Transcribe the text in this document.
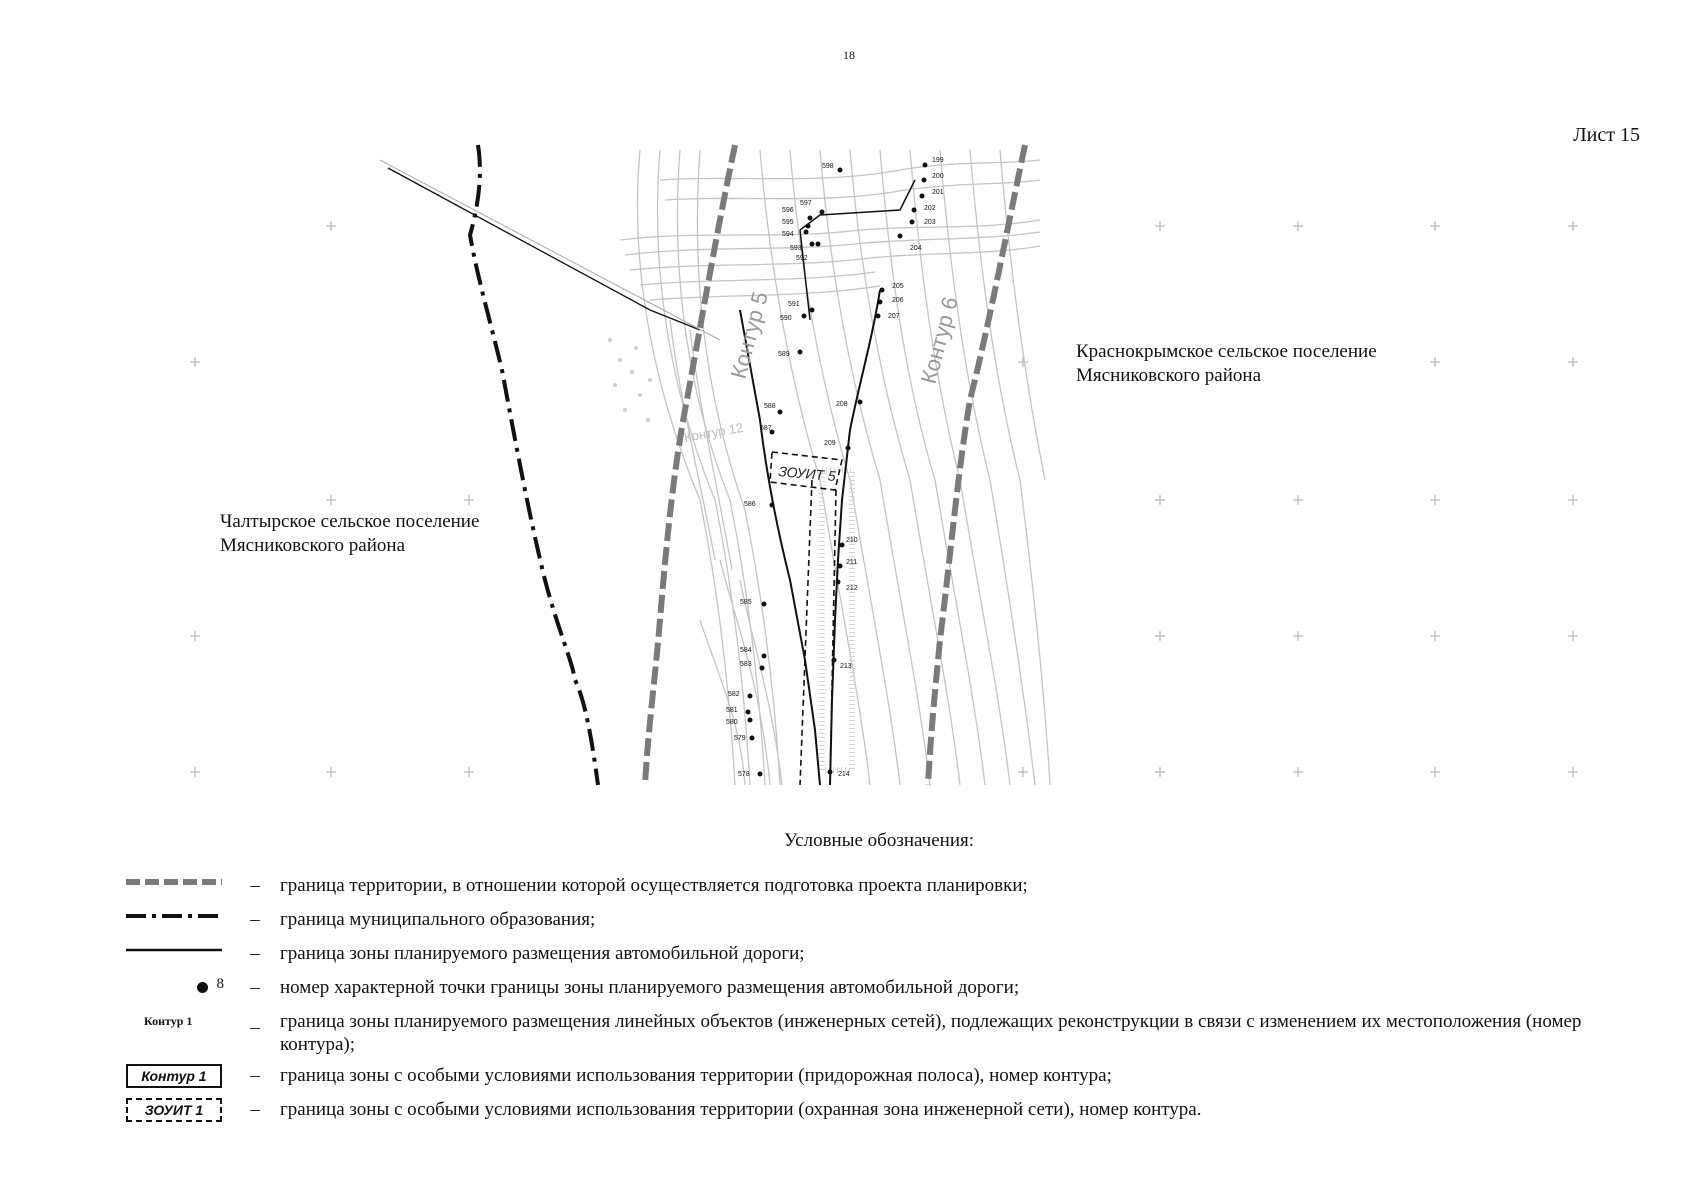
18
Лист 15
Контур 5	Контур 6
Контур 12
ЗОУИТ 5
199
200
201
202
203
204
205
206
207
208
209
210
211
212
213
214
598
597
596
595
594
593
592
591
590
589
588
587
586
585
584
583
582
581
580
579
578
Чалтырское сельское поселение
Мясниковского района
Краснокрымское сельское поселение
Мясниковского района
Условные обозначения:
–	граница территории, в отношении которой осуществляется подготовка проекта планировки;
–	граница муниципального образования;
–	граница зоны планируемого размещения автомобильной дороги;
8	–	номер характерной точки границы зоны планируемого размещения автомобильной дороги;
Контур 1	–	граница зоны планируемого размещения линейных объектов (инженерных сетей), подлежащих реконструкции в связи с изменением их местоположения (номер контура);
Контур 1	–	граница зоны с особыми условиями использования территории (придорожная полоса), номер контура;
ЗОУИТ 1	–	граница зоны с особыми условиями использования территории (охранная зона инженерной сети), номер контура.
